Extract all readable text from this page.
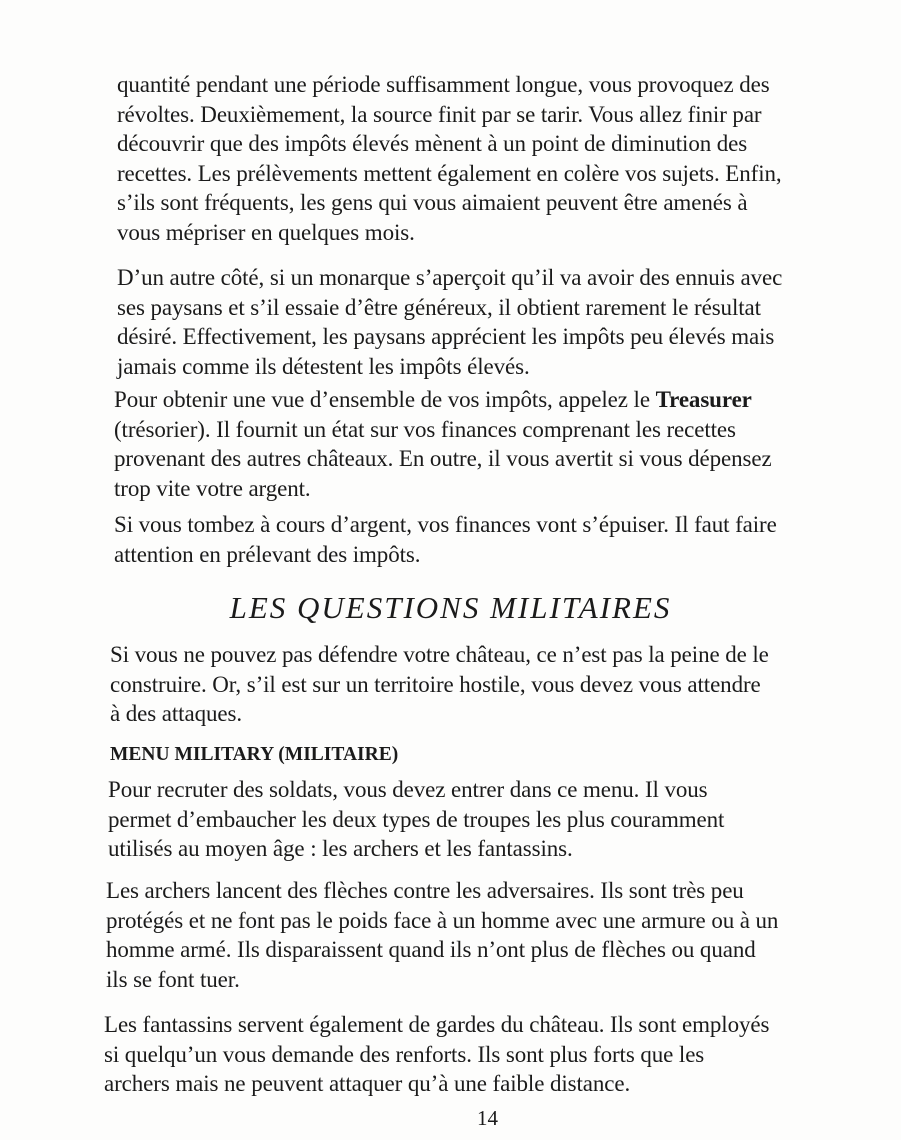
quantité pendant une période suffisamment longue, vous provoquez des

révoltes. Deuxièmement, la source finit par se tarir. Vous allez finir par

découvrir que des impôts élevés mènent à un point de diminution des

recettes. Les prélèvements mettent également en colère vos sujets. Enfin,

s’ils sont fréquents, les gens qui vous aimaient peuvent être amenés à

vous mépriser en quelques mois.

D’un autre côté, si un monarque s’aperçoit qu’il va avoir des ennuis avec

ses paysans et s’il essaie d’être généreux, il obtient rarement le résultat

désiré. Effectivement, les paysans apprécient les impôts peu élevés mais

jamais comme ils détestent les impôts élevés.

Pour obtenir une vue d’ensemble de vos impôts, appelez le Treasurer

(trésorier). Il fournit un état sur vos finances comprenant les recettes

provenant des autres châteaux. En outre, il vous avertit si vous dépensez

trop vite votre argent.

Si vous tombez à cours d’argent, vos finances vont s’épuiser. Il faut faire

attention en prélevant des impôts.

LES QUESTIONS MILITAIRES

Si vous ne pouvez pas défendre votre château, ce n’est pas la peine de le

construire. Or, s’il est sur un territoire hostile, vous devez vous attendre

à des attaques.

MENU MILITARY (MILITAIRE)

Pour recruter des soldats, vous devez entrer dans ce menu. Il vous

permet d’embaucher les deux types de troupes les plus couramment

utilisés au moyen âge : les archers et les fantassins.

Les archers lancent des flèches contre les adversaires. Ils sont très peu

protégés et ne font pas le poids face à un homme avec une armure ou à un

homme armé. Ils disparaissent quand ils n’ont plus de flèches ou quand

ils se font tuer.

Les fantassins servent également de gardes du château. Ils sont employés

si quelqu’un vous demande des renforts. Ils sont plus forts que les

archers mais ne peuvent attaquer qu’à une faible distance.

14
